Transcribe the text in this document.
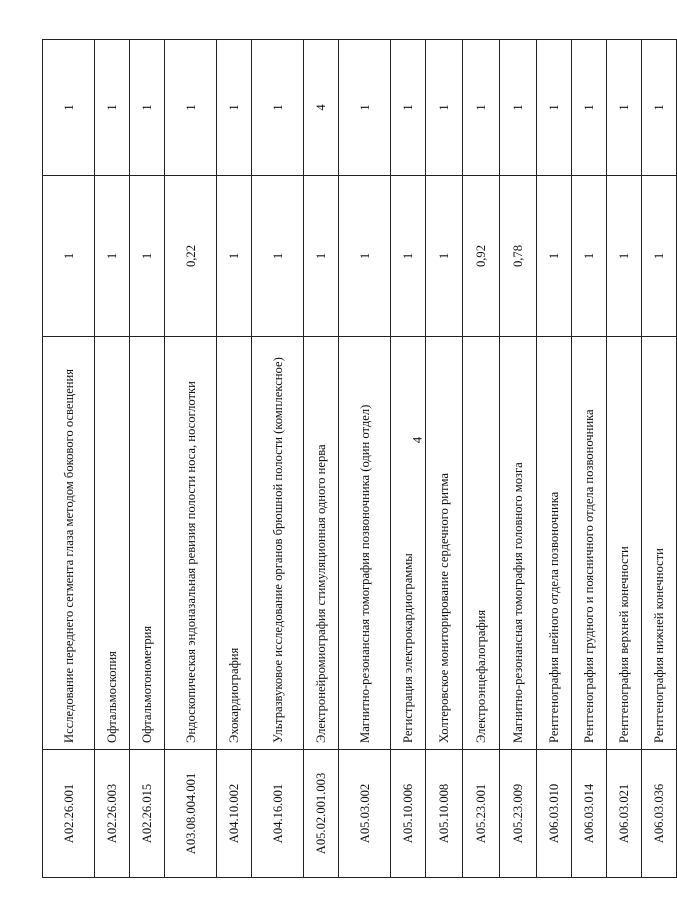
4
A02.26.001	Исследование переднего сегмента глаза методом бокового освещения	1	1
A02.26.003	Офтальмоскопия	1	1
A02.26.015	Офтальмотонометрия	1	1
A03.08.004.001	Эндоскопическая эндоназальная ревизия полости носа, носоглотки	0,22	1
A04.10.002	Эхокардиография	1	1
A04.16.001	Ультразвуковое исследование органов брюшной полости (комплексное)	1	1
A05.02.001.003	Электронейромиография стимуляционная одного нерва	1	4
A05.03.002	Магнитно-резонансная томография позвоночника (один отдел)	1	1
A05.10.006	Регистрация электрокардиограммы	1	1
A05.10.008	Холтеровское мониторирование сердечного ритма	1	1
A05.23.001	Электроэнцефалография	0,92	1
A05.23.009	Магнитно-резонансная томография головного мозга	0,78	1
A06.03.010	Рентгенография шейного отдела позвоночника	1	1
A06.03.014	Рентгенография грудного и поясничного отдела позвоночника	1	1
A06.03.021	Рентгенография верхней конечности	1	1
A06.03.036	Рентгенография нижней конечности	1	1
